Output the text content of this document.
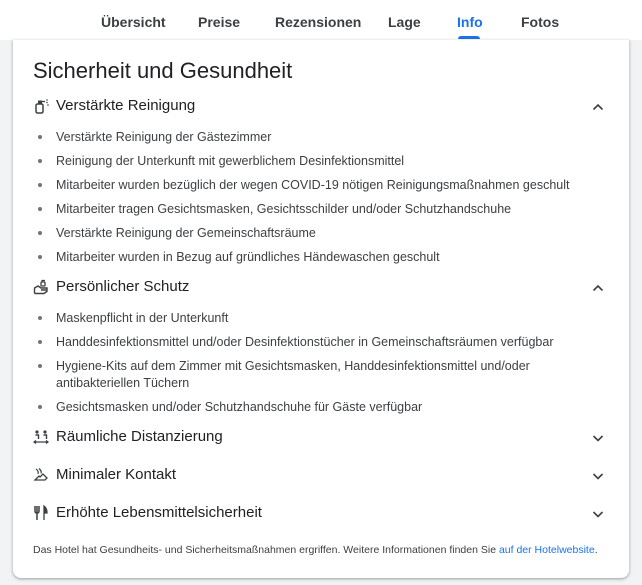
Übersicht Preise Rezensionen Lage	Info	Fotos
Sicherheit und Gesundheit
Verstärkte Reinigung
Verstärkte Reinigung der Gästezimmer
Reinigung der Unterkunft mit gewerblichem Desinfektionsmittel
Mitarbeiter wurden bezüglich der wegen COVID-19 nötigen Reinigungsmaßnahmen geschult
Mitarbeiter tragen Gesichtsmasken, Gesichtsschilder und/oder Schutzhandschuhe
Verstärkte Reinigung der Gemeinschaftsräume
Mitarbeiter wurden in Bezug auf gründliches Händewaschen geschult
Persönlicher Schutz
Maskenpflicht in der Unterkunft
Handdesinfektionsmittel und/oder Desinfektionstücher in Gemeinschaftsräumen verfügbar
Hygiene-Kits auf dem Zimmer mit Gesichtsmasken, Handdesinfektionsmittel und/oder antibakteriellen Tüchern
Gesichtsmasken und/oder Schutzhandschuhe für Gäste verfügbar
Räumliche Distanzierung
Minimaler Kontakt
Erhöhte Lebensmittelsicherheit

Das Hotel hat Gesundheits- und Sicherheitsmaßnahmen ergriffen. Weitere Informationen finden Sie auf der Hotelwebsite.
